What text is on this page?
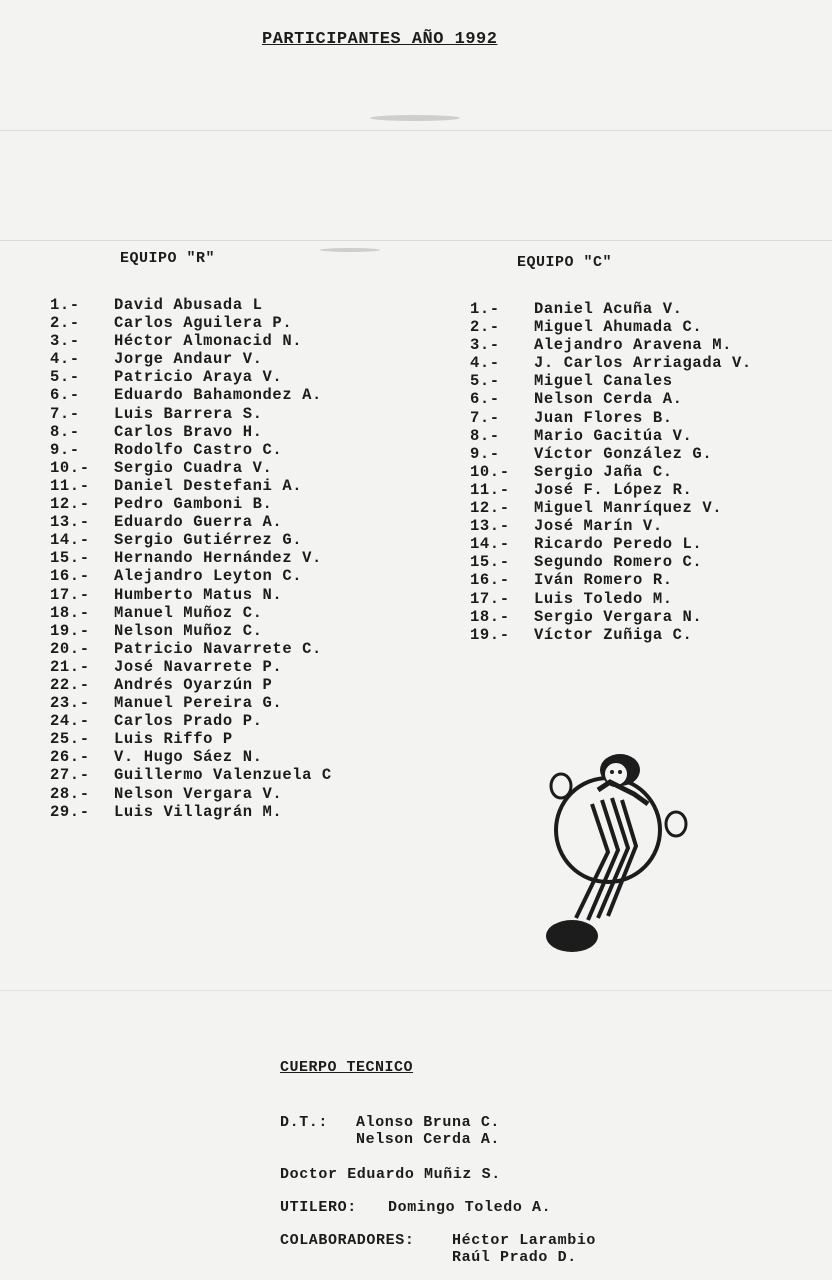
PARTICIPANTES AÑO 1992
EQUIPO "R"	EQUIPO "C"
1.- David Abusada L
2.- Carlos Aguilera P.
3.- Héctor Almonacid N.
4.- Jorge Andaur V.
5.- Patricio Araya V.
6.- Eduardo Bahamondez A.
7.- Luis Barrera S.
8.- Carlos Bravo H.
9.- Rodolfo Castro C.
10.- Sergio Cuadra V.
11.- Daniel Destefani A.
12.- Pedro Gamboni B.
13.- Eduardo Guerra A.
14.- Sergio Gutiérrez G.
15.- Hernando Hernández V.
16.- Alejandro Leyton C.
17.- Humberto Matus N.
18.- Manuel Muñoz C.
19.- Nelson Muñoz C.
20.- Patricio Navarrete C.
21.- José Navarrete P.
22.- Andrés Oyarzún P
23.- Manuel Pereira G.
24.- Carlos Prado P.
25.- Luis Riffo P
26.- V. Hugo Sáez N.
27.- Guillermo Valenzuela C
28.- Nelson Vergara V.
29.- Luis Villagrán M.
1.- Daniel Acuña V.
2.- Miguel Ahumada C.
3.- Alejandro Aravena M.
4.- J. Carlos Arriagada V.
5.- Miguel Canales
6.- Nelson Cerda A.
7.- Juan Flores B.
8.- Mario Gacitúa V.
9.- Víctor González G.
10.- Sergio Jaña C.
11.- José F. López R.
12.- Miguel Manríquez V.
13.- José Marín V.
14.- Ricardo Peredo L.
15.- Segundo Romero C.
16.- Iván Romero R.
17.- Luis Toledo M.
18.- Sergio Vergara N.
19.- Víctor Zuñiga C.
CUERPO TECNICO
D.T.: Alonso Bruna C.
Nelson Cerda A.
Doctor Eduardo Muñiz S.
UTILERO: Domingo Toledo A.
COLABORADORES:	Héctor Larambio
Raúl Prado D.
